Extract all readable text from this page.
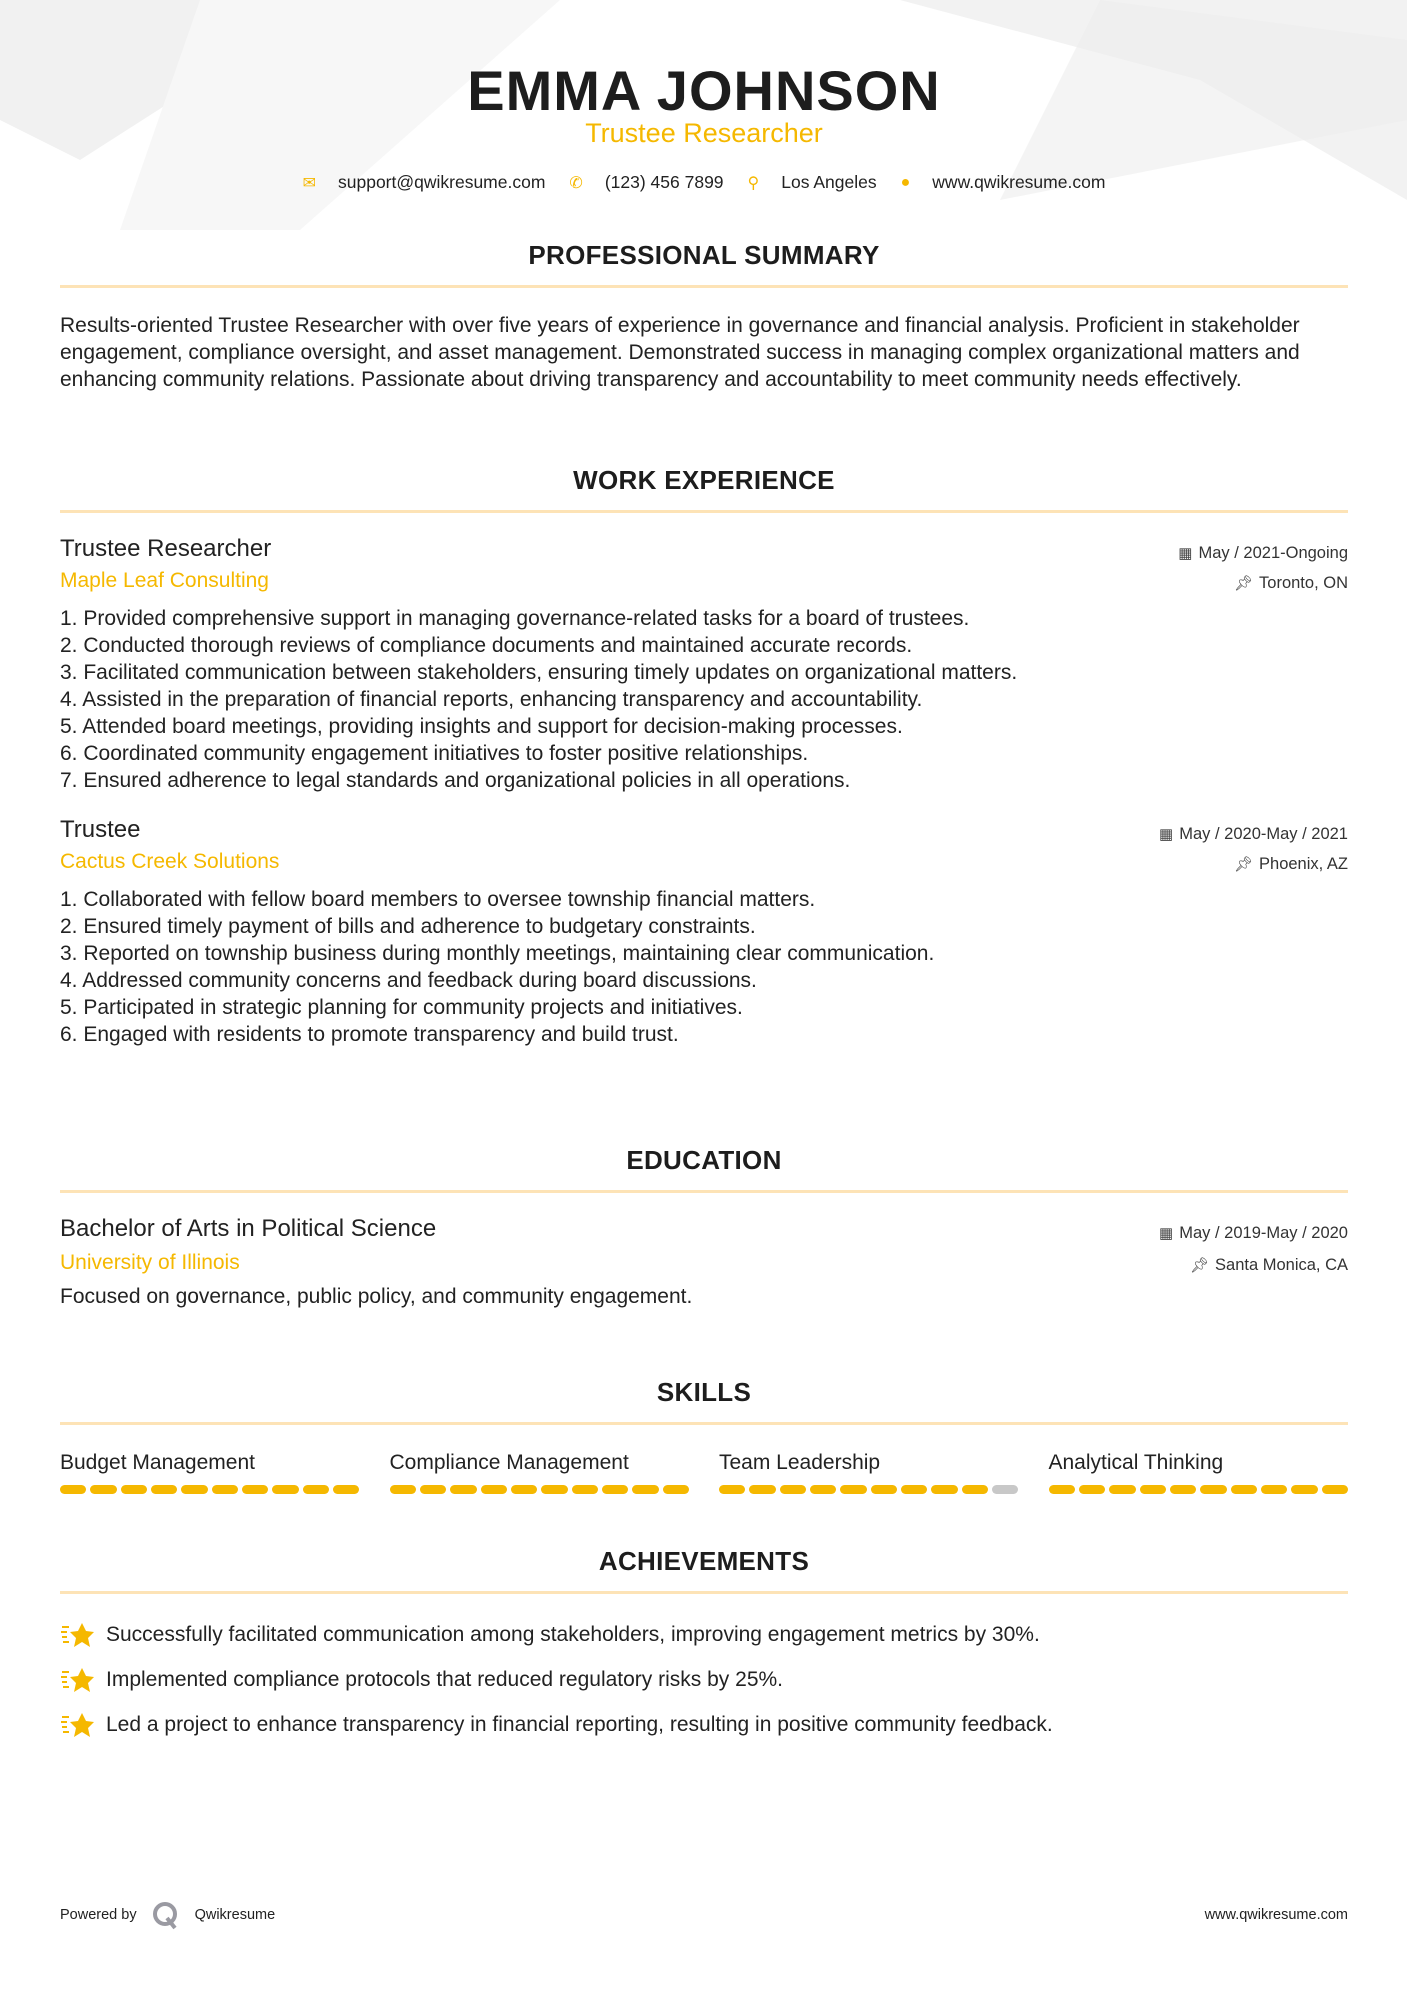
EMMA JOHNSON
Trustee Researcher
✉ support@qwikresume.com ✆ (123) 456 7899 ⚲ Los Angeles ● www.qwikresume.com
PROFESSIONAL SUMMARY

Results-oriented Trustee Researcher with over five years of experience in governance and financial analysis. Proficient in stakeholder engagement, compliance oversight, and asset management. Demonstrated success in managing complex organizational matters and enhancing community relations. Passionate about driving transparency and accountability to meet community needs effectively.

WORK EXPERIENCE
Trustee Researcher	▦ May / 2021-Ongoing
Maple Leaf Consulting	📌︎ Toronto, ON
1. Provided comprehensive support in managing governance-related tasks for a board of trustees.
2. Conducted thorough reviews of compliance documents and maintained accurate records.
3. Facilitated communication between stakeholders, ensuring timely updates on organizational matters.
4. Assisted in the preparation of financial reports, enhancing transparency and accountability.
5. Attended board meetings, providing insights and support for decision-making processes.
6. Coordinated community engagement initiatives to foster positive relationships.
7. Ensured adherence to legal standards and organizational policies in all operations.
Trustee	▦ May / 2020-May / 2021
Cactus Creek Solutions	📌︎ Phoenix, AZ
1. Collaborated with fellow board members to oversee township financial matters.
2. Ensured timely payment of bills and adherence to budgetary constraints.
3. Reported on township business during monthly meetings, maintaining clear communication.
4. Addressed community concerns and feedback during board discussions.
5. Participated in strategic planning for community projects and initiatives.
6. Engaged with residents to promote transparency and build trust.
EDUCATION
Bachelor of Arts in Political Science	▦ May / 2019-May / 2020
University of Illinois	📌︎ Santa Monica, CA

Focused on governance, public policy, and community engagement.

SKILLS
Budget Management	Compliance Management	Team Leadership	Analytical Thinking
ACHIEVEMENTS
Successfully facilitated communication among stakeholders, improving engagement metrics by 30%.
Implemented compliance protocols that reduced regulatory risks by 25%.
Led a project to enhance transparency in financial reporting, resulting in positive community feedback.
Powered by	Qwikresume	www.qwikresume.com
